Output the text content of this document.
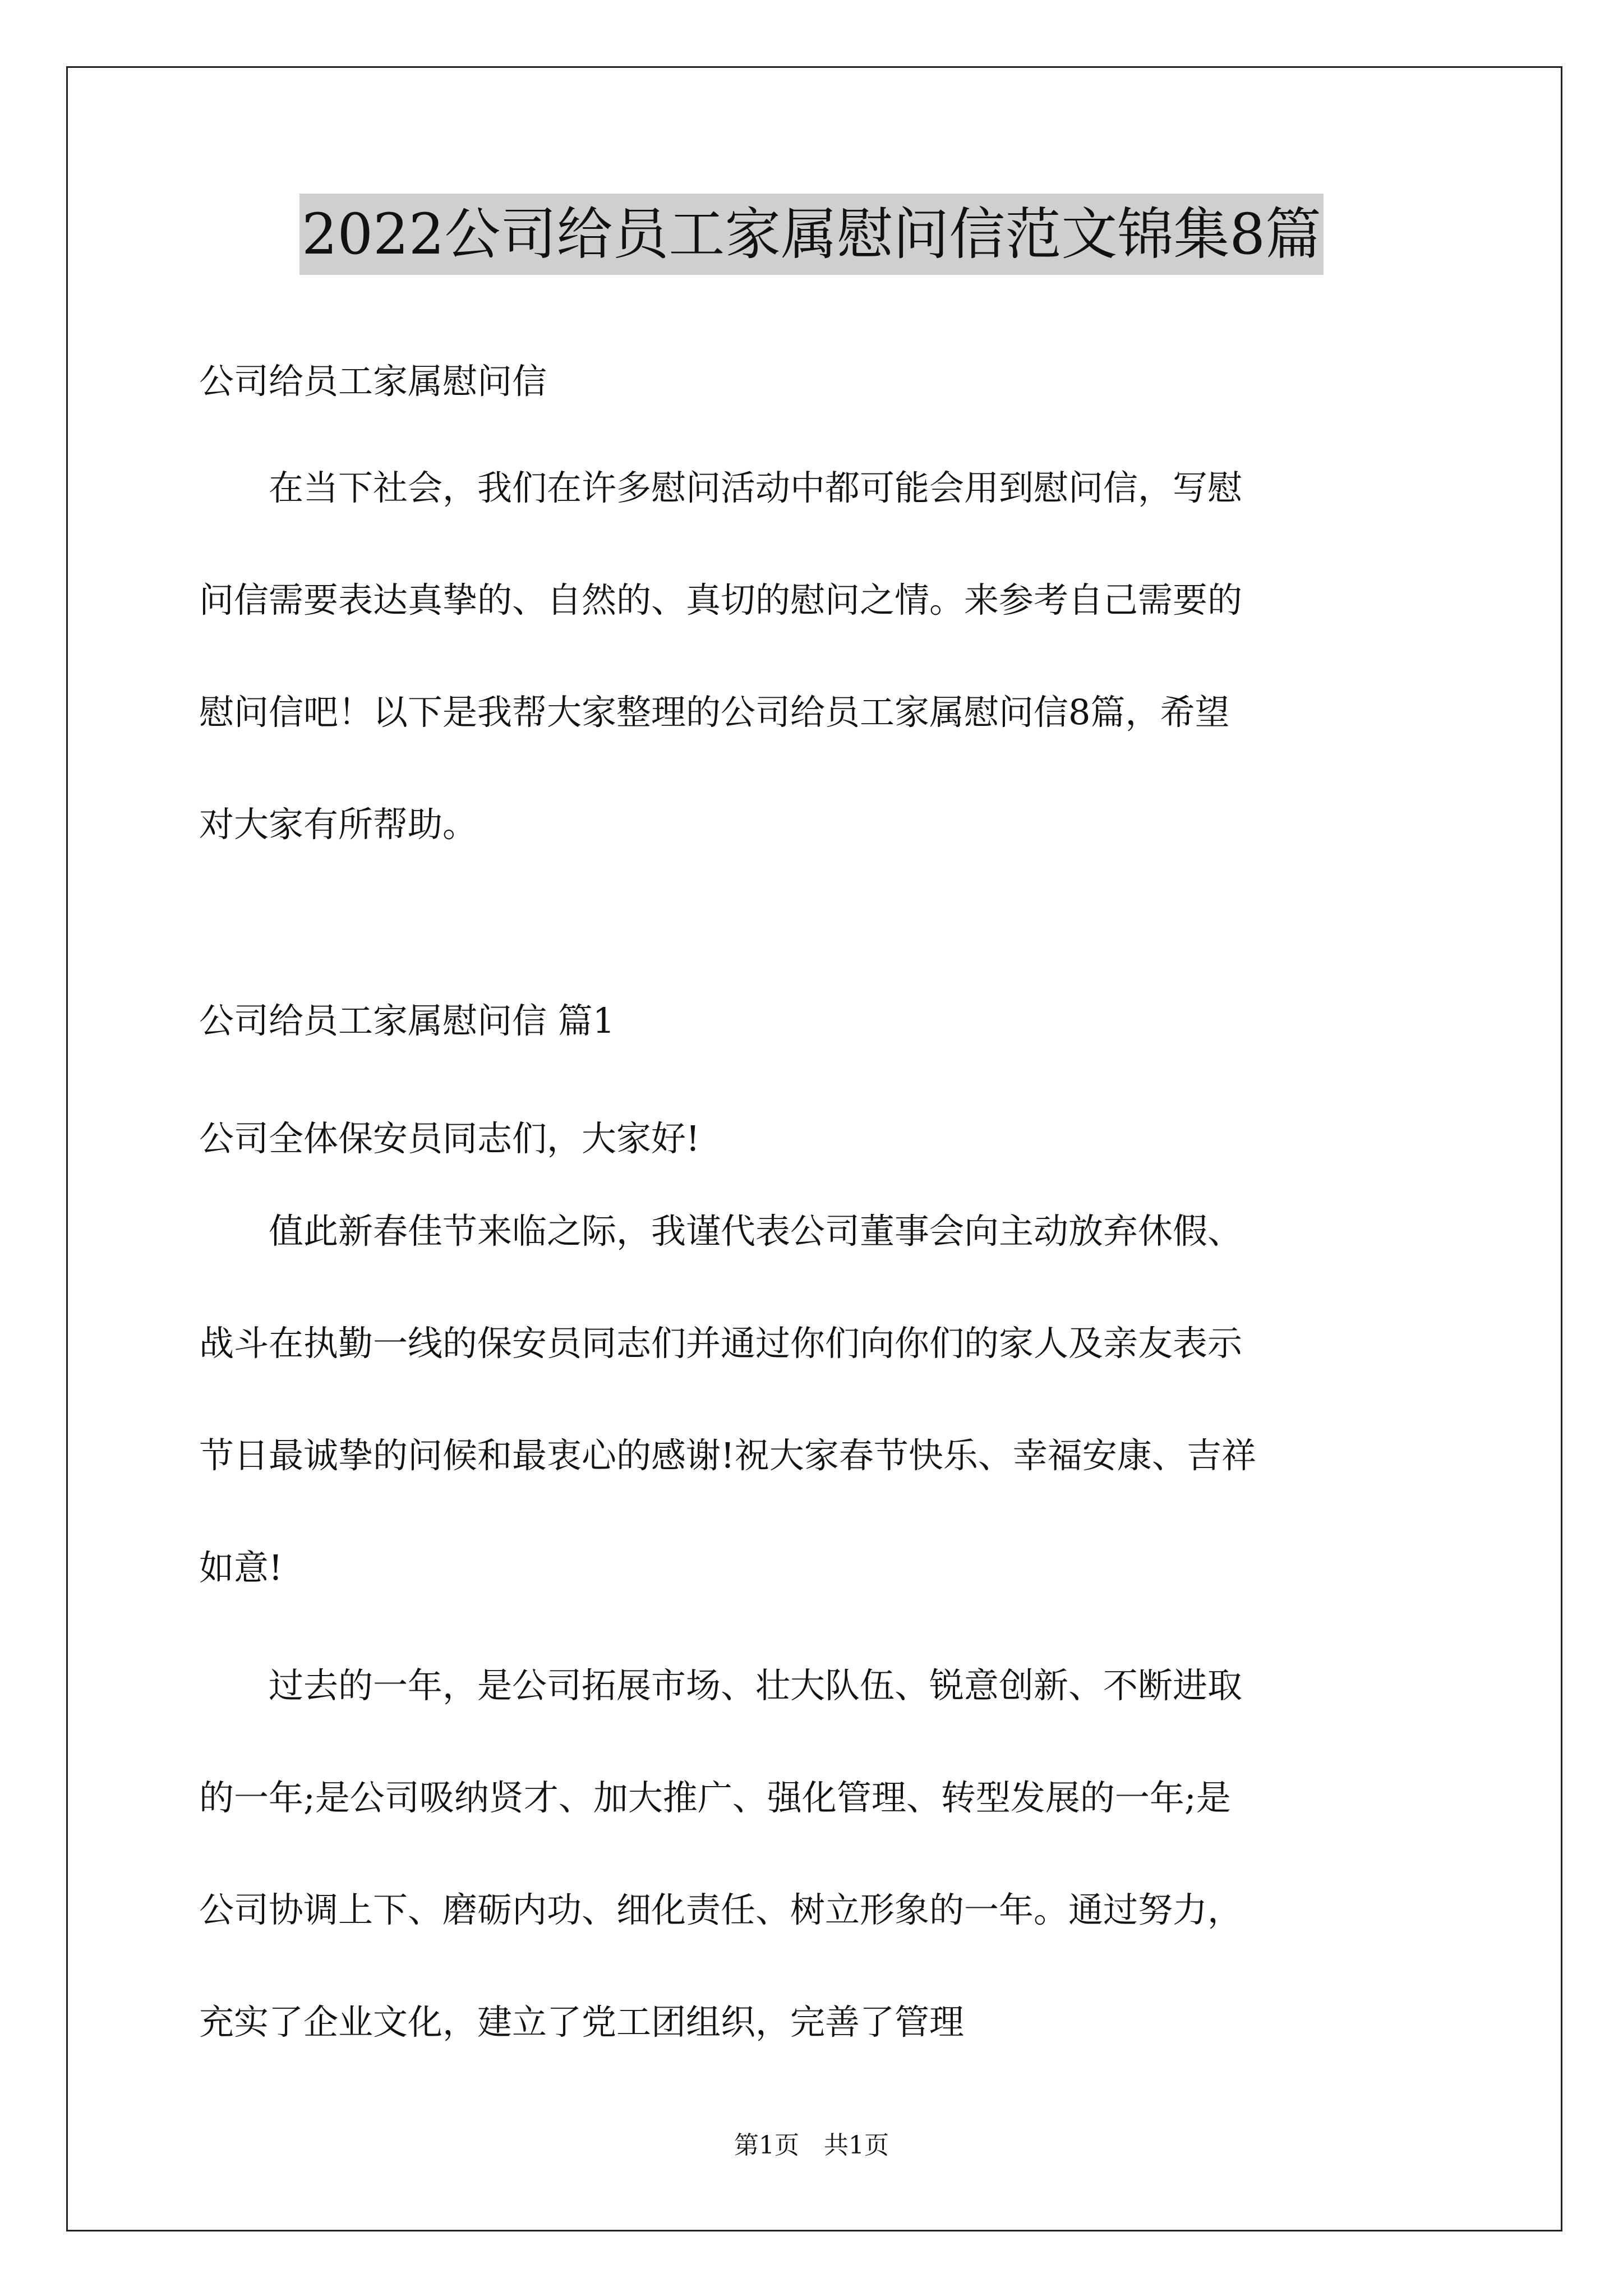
2022公司给员工家属慰问信范文锦集8篇
公司给员工家属慰问信
　　在当下社会，我们在许多慰问活动中都可能会用到慰问信，写慰
问信需要表达真挚的、自然的、真切的慰问之情。来参考自己需要的
慰问信吧！以下是我帮大家整理的公司给员工家属慰问信8篇，希望
对大家有所帮助。
公司给员工家属慰问信 篇1
公司全体保安员同志们，大家好!
　　值此新春佳节来临之际，我谨代表公司董事会向主动放弃休假、
战斗在执勤一线的保安员同志们并通过你们向你们的家人及亲友表示
节日最诚挚的问候和最衷心的感谢!祝大家春节快乐、幸福安康、吉祥
如意!
　　过去的一年，是公司拓展市场、壮大队伍、锐意创新、不断进取
的一年;是公司吸纳贤才、加大推广、强化管理、转型发展的一年;是
公司协调上下、磨砺内功、细化责任、树立形象的一年。通过努力，
充实了企业文化，建立了党工团组织，完善了管理
第1页　共1页
